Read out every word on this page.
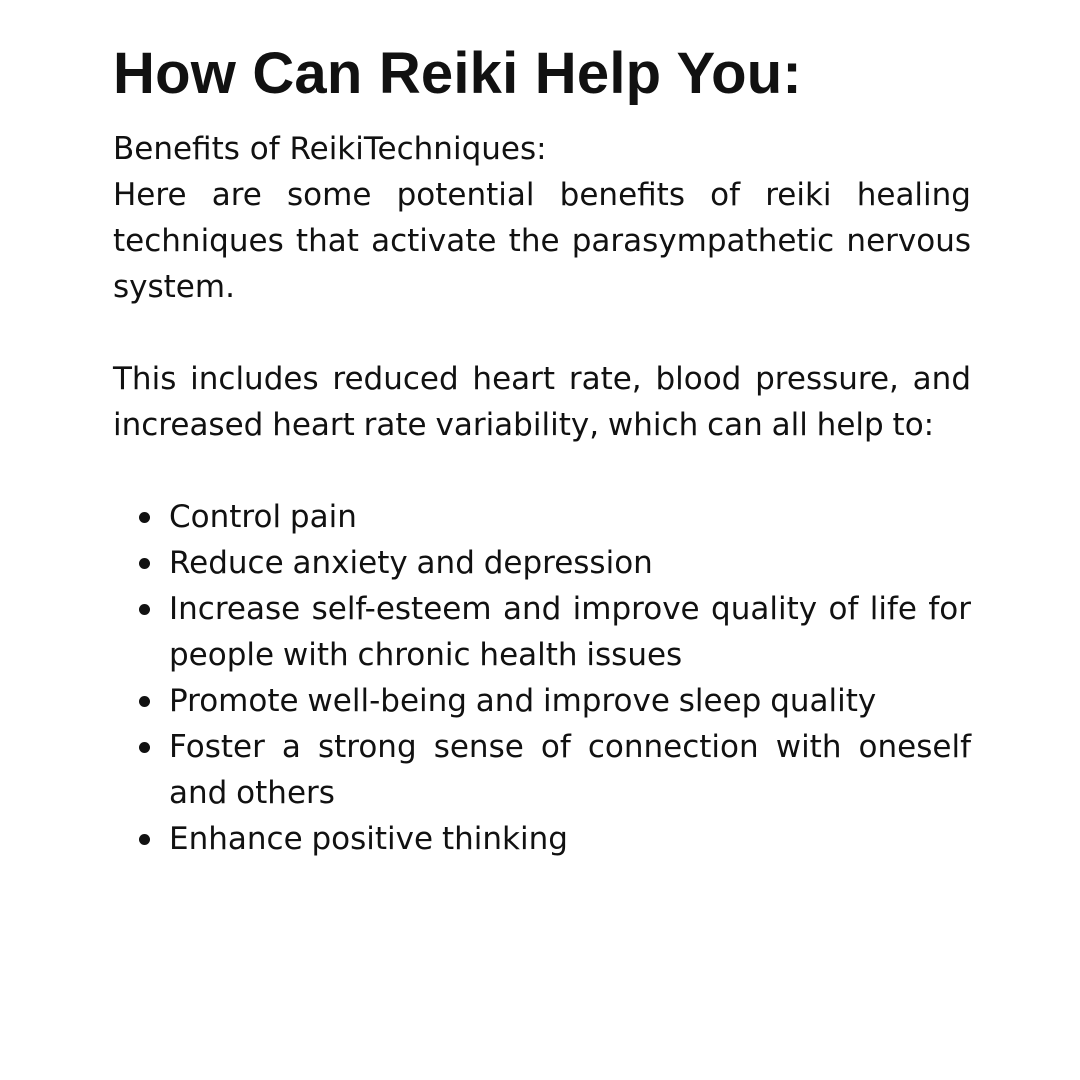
How Can Reiki Help You:

Benefits of ReikiTechniques:

Here are some potential benefits of reiki healing techniques that activate the parasympathetic nervous system.

This includes reduced heart rate, blood pressure, and increased heart rate variability, which can all help to:

Control pain
Reduce anxiety and depression
Increase self-esteem and improve quality of life for people with chronic health issues
Promote well-being and improve sleep quality
Foster a strong sense of connection with oneself and others
Enhance positive thinking
